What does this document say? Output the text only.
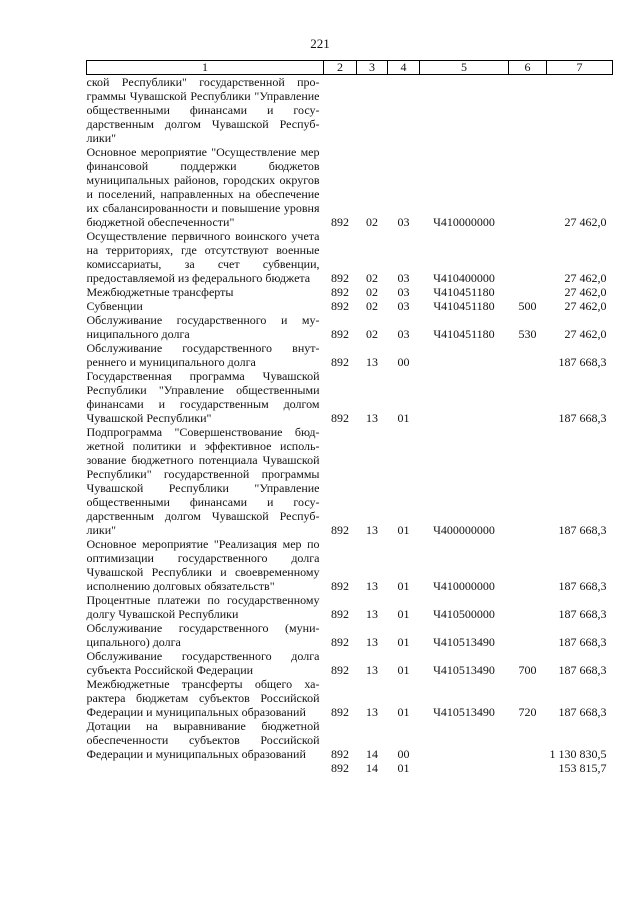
221
1	2	3	4	5	6	7
ской Республики" государственной программы Чувашской Республики "Управление общественными финансами и государственным долгом Чувашской Республики"						
Основное мероприятие "Осуществление мер финансовой поддержки бюджетов муниципальных районов, городских округов и поселений, направленных на обеспечение их сбалансированности и повышение уровня бюджетной обеспеченности"	892	02	03	Ч410000000		27 462,0
Осуществление первичного воинского учета на территориях, где отсутствуют военные комиссариаты, за счет субвенции, предоставляемой из федерального бюджета	892	02	03	Ч410400000		27 462,0
Межбюджетные трансферты	892	02	03	Ч410451180		27 462,0
Субвенции	892	02	03	Ч410451180	500	27 462,0
Обслуживание государственного и муниципального долга	892	02	03	Ч410451180	530	27 462,0
Обслуживание государственного внутреннего и муниципального долга	892	13	00			187 668,3
Государственная программа Чувашской Республики "Управление общественными финансами и государственным долгом Чувашской Республики"	892	13	01			187 668,3
Подпрограмма "Совершенствование бюджетной политики и эффективное использование бюджетного потенциала Чувашской Республики" государственной программы Чувашской Республики "Управление общественными финансами и государственным долгом Чувашской Республики"	892	13	01	Ч400000000		187 668,3
Основное мероприятие "Реализация мер по оптимизации государственного долга Чувашской Республики и своевременному исполнению долговых обязательств"	892	13	01	Ч410000000		187 668,3
Процентные платежи по государственному долгу Чувашской Республики	892	13	01	Ч410500000		187 668,3
Обслуживание государственного (муниципального) долга	892	13	01	Ч410513490		187 668,3
Обслуживание государственного долга субъекта Российской Федерации	892	13	01	Ч410513490	700	187 668,3
Межбюджетные трансферты общего характера бюджетам субъектов Российской Федерации и муниципальных образований	892	13	01	Ч410513490	720	187 668,3
Дотации на выравнивание бюджетной обеспеченности субъектов Российской Федерации и муниципальных образований	892	14	00			1 130 830,5
	892	14	01			153 815,7
